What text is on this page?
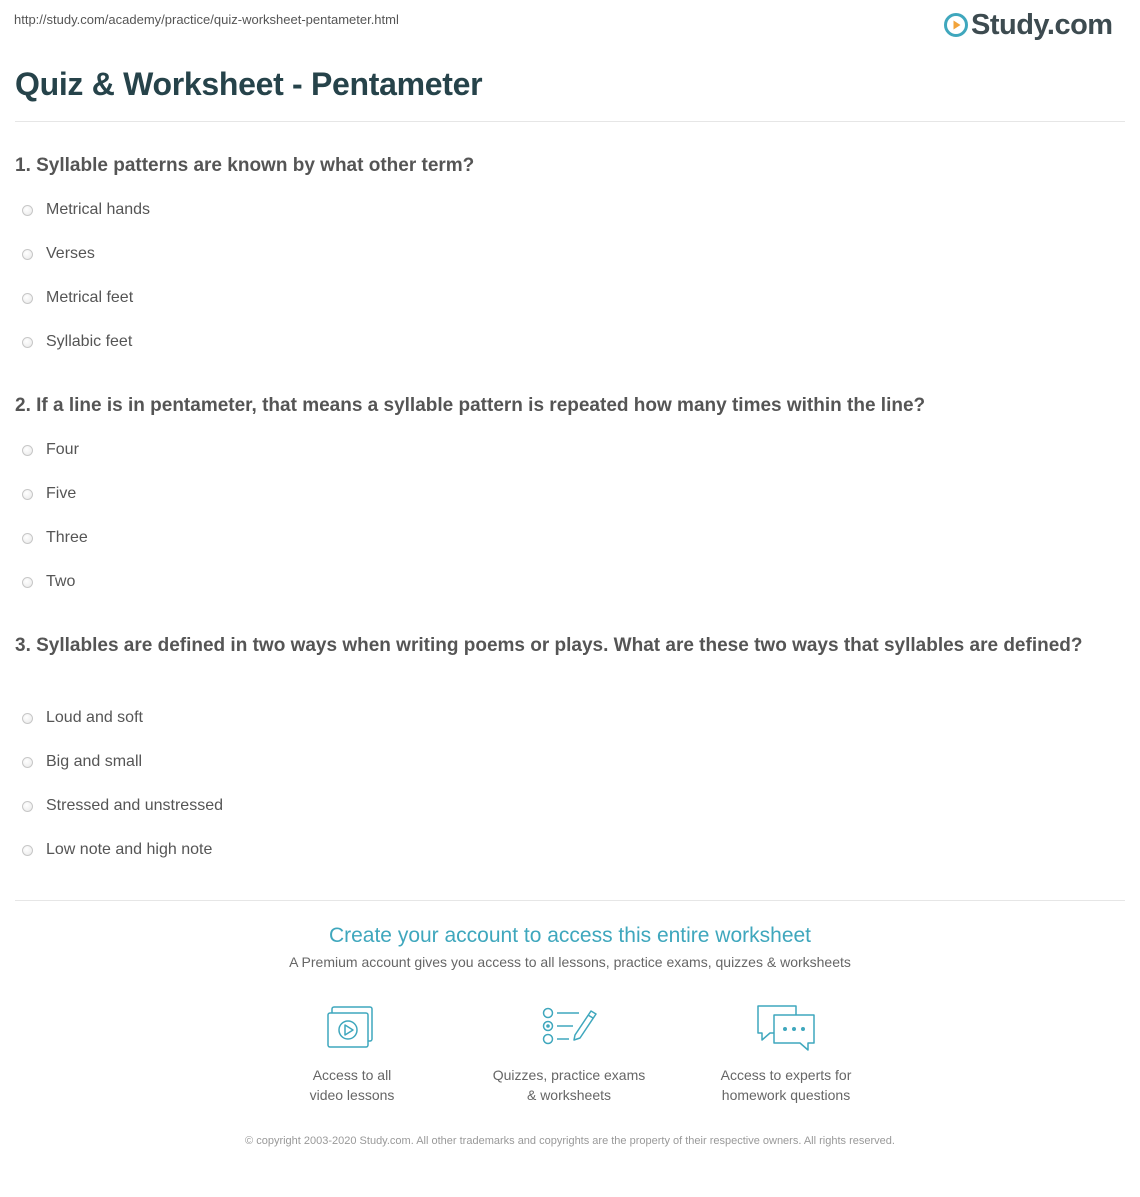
http://study.com/academy/practice/quiz-worksheet-pentameter.html	Study.com
Quiz & Worksheet - Pentameter
1. Syllable patterns are known by what other term?
Metrical hands
Verses
Metrical feet
Syllabic feet
2. If a line is in pentameter, that means a syllable pattern is repeated how many times within the line?
Four
Five
Three
Two
3. Syllables are defined in two ways when writing poems or plays. What are these two ways that syllables are defined?
Loud and soft
Big and small
Stressed and unstressed
Low note and high note
Create your account to access this entire worksheet
A Premium account gives you access to all lessons, practice exams, quizzes & worksheets
Access to all
video lessons
Quizzes, practice exams
& worksheets
Access to experts for
homework questions
© copyright 2003-2020 Study.com. All other trademarks and copyrights are the property of their respective owners. All rights reserved.
